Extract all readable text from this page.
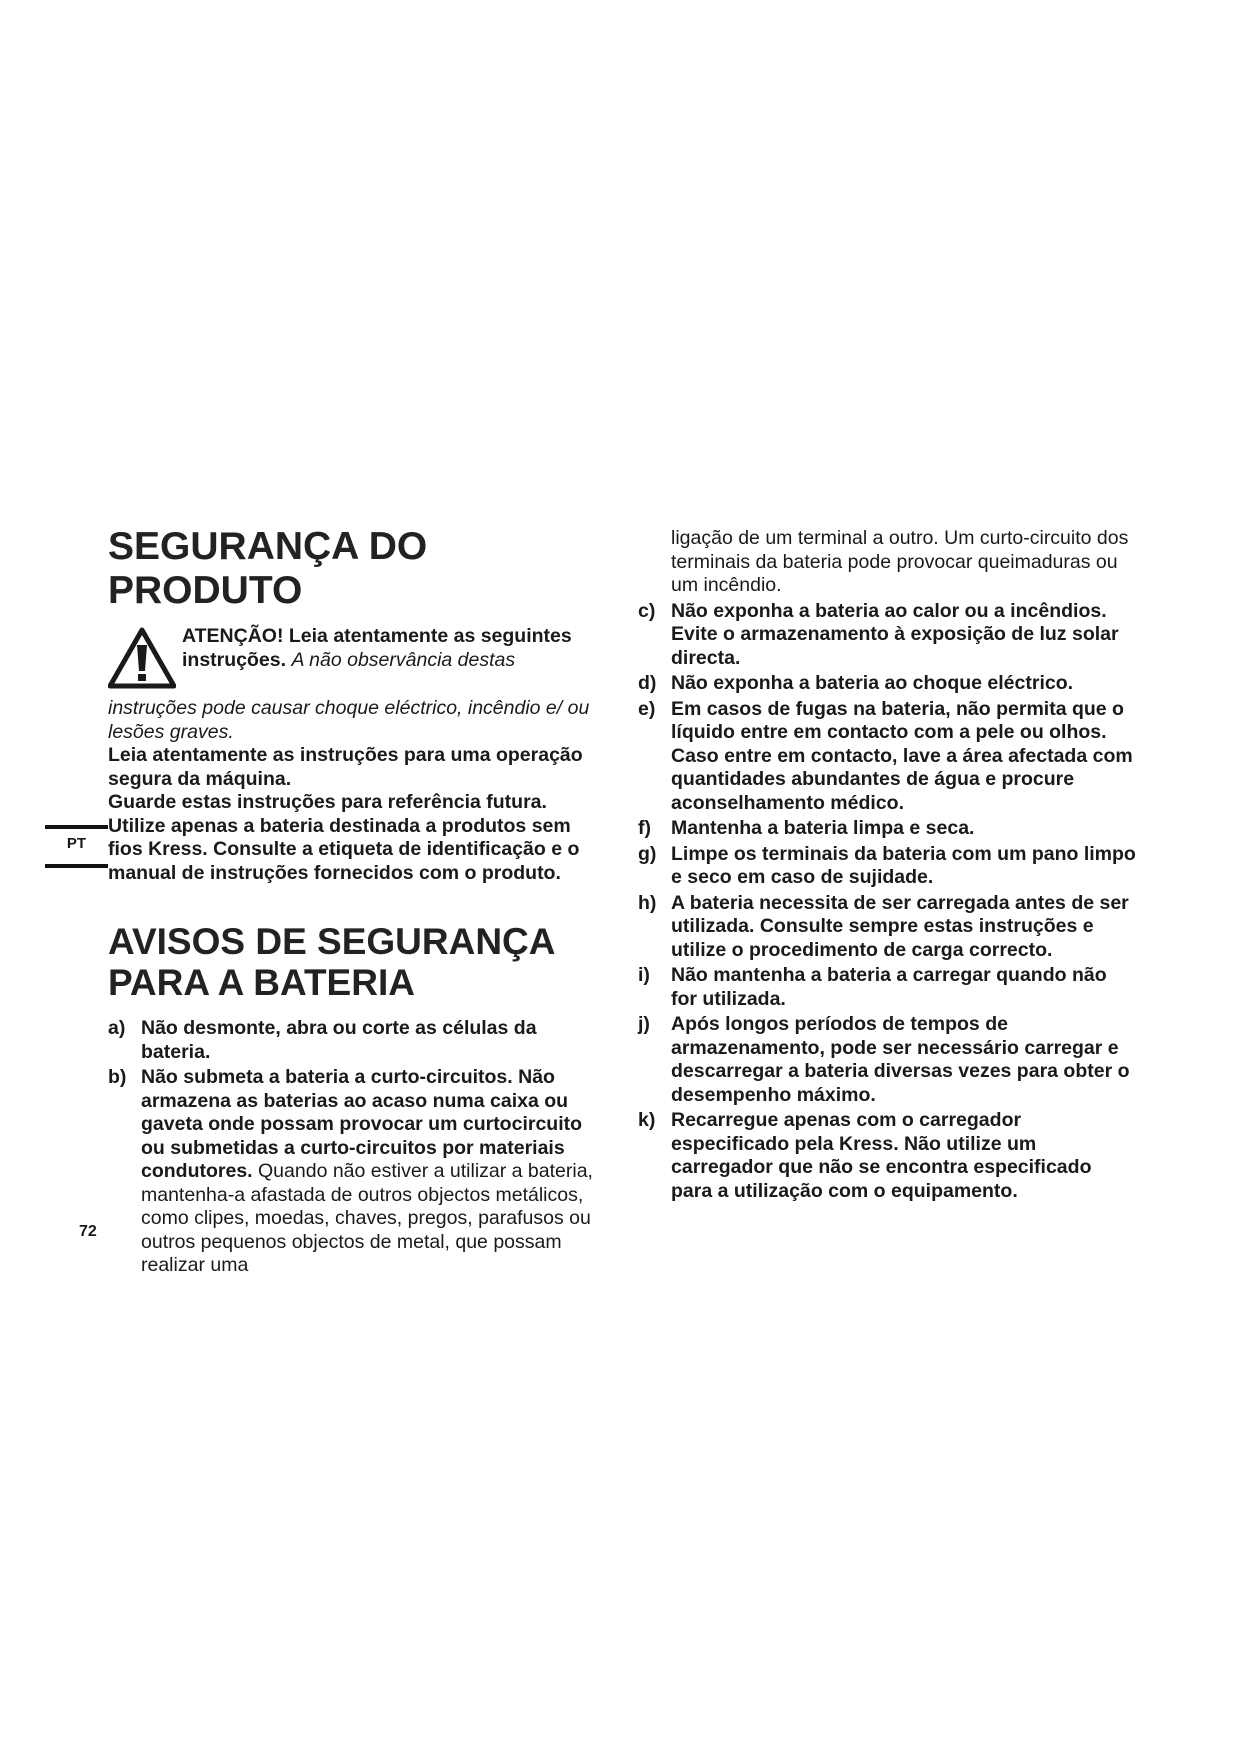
SEGURANÇA DO PRODUTO
ATENÇÃO! Leia atentamente as seguintes instruções. A não observância destas
instruções pode causar choque eléctrico, incêndio e/ ou lesões graves.

Leia atentamente as instruções para uma operação segura da máquina.

Guarde estas instruções para referência futura.

Utilize apenas a bateria destinada a produtos sem fios Kress. Consulte a etiqueta de identificação e o manual de instruções fornecidos com o produto.

AVISOS DE SEGURANÇA PARA A BATERIA
a) Não desmonte, abra ou corte as células da bateria.
b) Não submeta a bateria a curto-circuitos. Não armazena as baterias ao acaso numa caixa ou gaveta onde possam provocar um curtocircuito ou submetidas a curto-circuitos por materiais condutores. Quando não estiver a utilizar a bateria, mantenha-a afastada de outros objectos metálicos, como clipes, moedas, chaves, pregos, parafusos ou outros pequenos objectos de metal, que possam realizar uma
ligação de um terminal a outro. Um curto-circuito dos terminais da bateria pode provocar queimaduras ou um incêndio.
c) Não exponha a bateria ao calor ou a incêndios. Evite o armazenamento à exposição de luz solar directa.
d) Não exponha a bateria ao choque eléctrico.
e) Em casos de fugas na bateria, não permita que o líquido entre em contacto com a pele ou olhos. Caso entre em contacto, lave a área afectada com quantidades abundantes de água e procure aconselhamento médico.
f) Mantenha a bateria limpa e seca.
g) Limpe os terminais da bateria com um pano limpo e seco em caso de sujidade.
h) A bateria necessita de ser carregada antes de ser utilizada. Consulte sempre estas instruções e utilize o procedimento de carga correcto.
i) Não mantenha a bateria a carregar quando não for utilizada.
j) Após longos períodos de tempos de armazenamento, pode ser necessário carregar e descarregar a bateria diversas vezes para obter o desempenho máximo.
k) Recarregue apenas com o carregador especificado pela Kress. Não utilize um carregador que não se encontra especificado para a utilização com o equipamento.
PT
72
